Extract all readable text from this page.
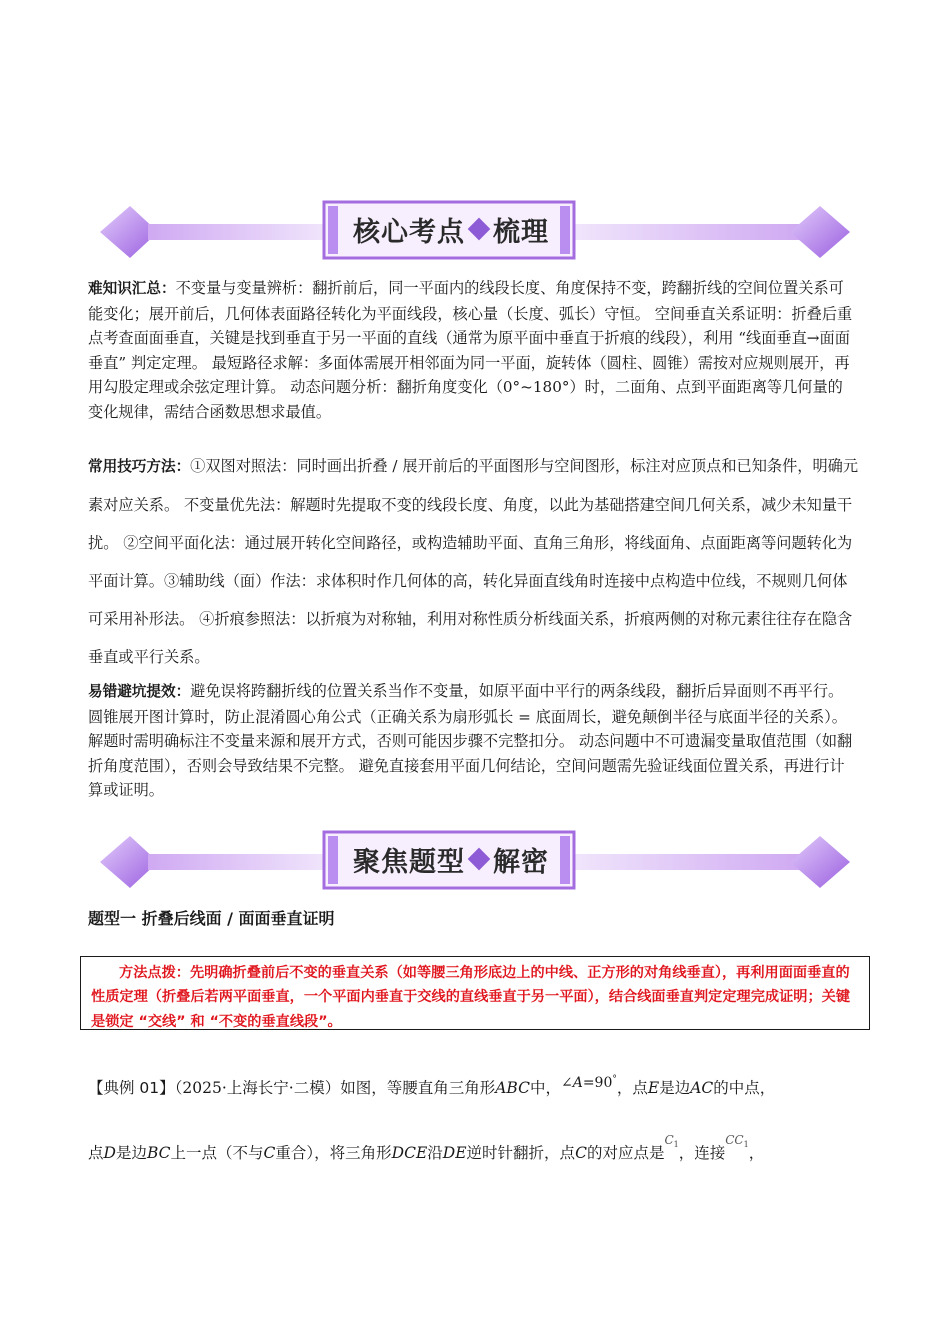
核心考点 梳理
难知识汇总：不变量与变量辨析：翻折前后，同一平面内的线段长度、角度保持不变，跨翻折线的空间位置关系可能变化；展开前后，几何体表面路径转化为平面线段，核心量（长度、弧长）守恒。 空间垂直关系证明：折叠后重点考查面面垂直，关键是找到垂直于另一平面的直线（通常为原平面中垂直于折痕的线段），利用 “线面垂直→面面垂直” 判定定理。 最短路径求解：多面体需展开相邻面为同一平面，旋转体（圆柱、圆锥）需按对应规则展开，再用勾股定理或余弦定理计算。 动态问题分析：翻折角度变化（0°~180°）时，二面角、点到平面距离等几何量的变化规律，需结合函数思想求最值。
常用技巧方法：①双图对照法：同时画出折叠 / 展开前后的平面图形与空间图形，标注对应顶点和已知条件，明确元素对应关系。 不变量优先法：解题时先提取不变的线段长度、角度，以此为基础搭建空间几何关系，减少未知量干扰。 ②空间平面化法：通过展开转化空间路径，或构造辅助平面、直角三角形，将线面角、点面距离等问题转化为平面计算。③辅助线（面）作法：求体积时作几何体的高，转化异面直线角时连接中点构造中位线，不规则几何体可采用补形法。 ④折痕参照法：以折痕为对称轴，利用对称性质分析线面关系，折痕两侧的对称元素往往存在隐含垂直或平行关系。
易错避坑提效：避免误将跨翻折线的位置关系当作不变量，如原平面中平行的两条线段，翻折后异面则不再平行。 圆锥展开图计算时，防止混淆圆心角公式（正确关系为扇形弧长 = 底面周长，避免颠倒半径与底面半径的关系）。 解题时需明确标注不变量来源和展开方式，否则可能因步骤不完整扣分。 动态问题中不可遗漏变量取值范围（如翻折角度范围），否则会导致结果不完整。 避免直接套用平面几何结论，空间问题需先验证线面位置关系，再进行计算或证明。
聚焦题型 解密
题型一 折叠后线面 / 面面垂直证明
方法点拨：先明确折叠前后不变的垂直关系（如等腰三角形底边上的中线、正方形的对角线垂直），再利用面面垂直的性质定理（折叠后若两平面垂直，一个平面内垂直于交线的直线垂直于另一平面），结合线面垂直判定定理完成证明；关键是锁定 “交线” 和 “不变的垂直线段”。
【典例 01】（2025·上海长宁·二模）如图，等腰直角三角形ABC中，∠A=90°，点E是边AC的中点，
点D是边BC上一点（不与C重合），将三角形DCE沿DE逆时针翻折，点C的对应点是$^{C_1}$，连接$^{CC_1}$，
